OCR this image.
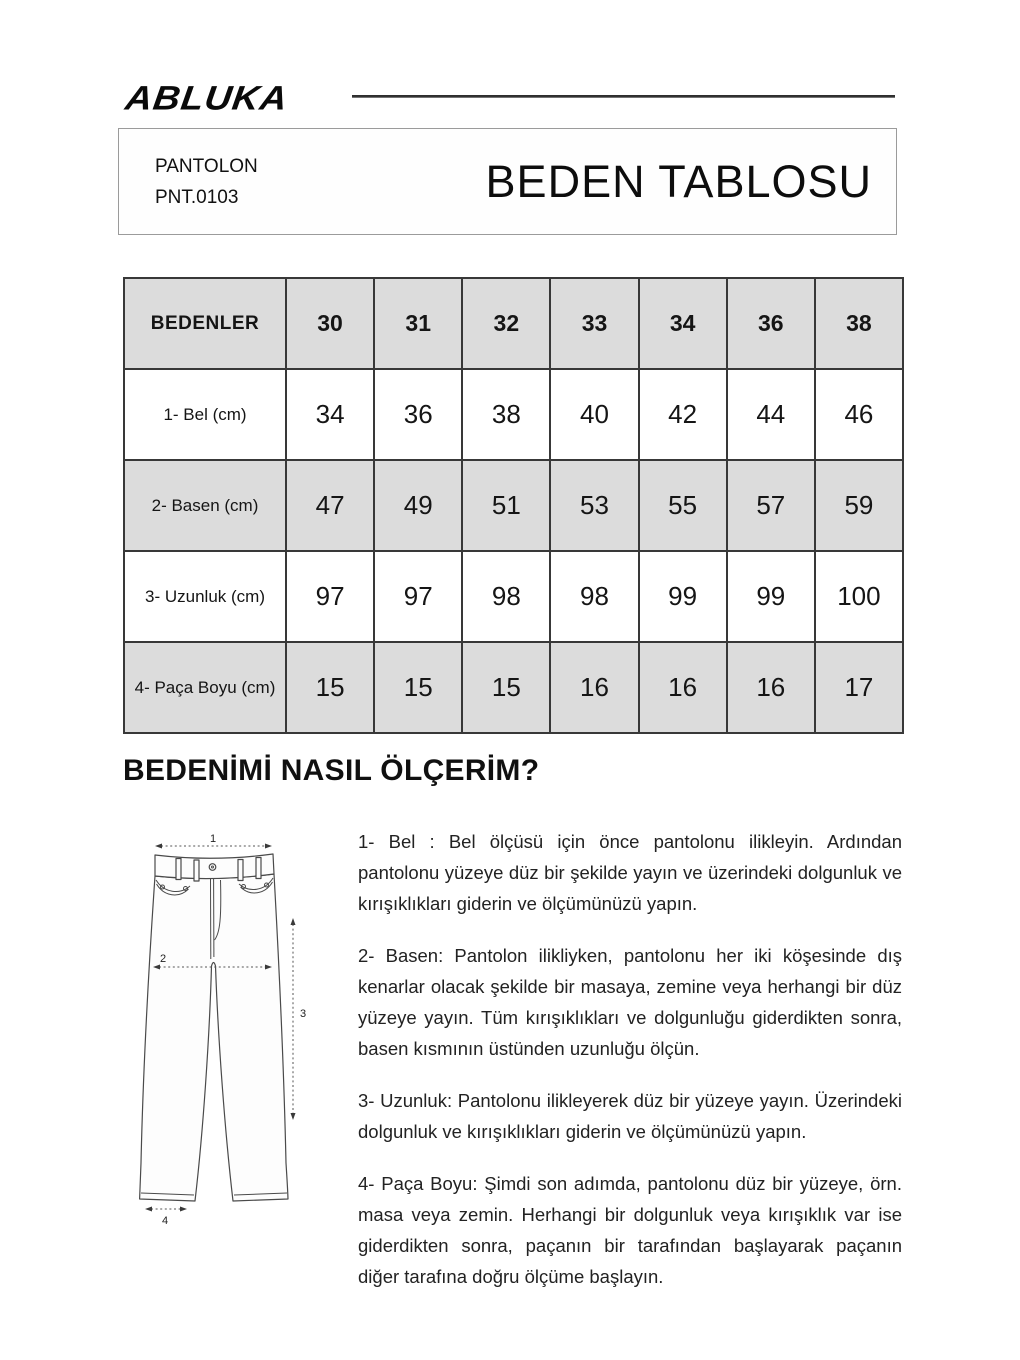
ABLUKA
PANTOLON
PNT.0103	BEDEN TABLOSU
BEDENLER	30	31	32	33	34	36	38
1- Bel (cm)	34	36	38	40	42	44	46
2- Basen (cm)	47	49	51	53	55	57	59
3- Uzunluk (cm)	97	97	98	98	99	99	100
4- Paça Boyu (cm)	15	15	15	16	16	16	17
BEDENİMİ NASIL ÖLÇERİM?
1
2
3
4

1- Bel : Bel ölçüsü için önce pantolonu ilikleyin. Ardından pantolonu yüzeye düz bir şekilde yayın ve üzerindeki dolgunluk ve kırışıklıkları giderin ve ölçümünüzü yapın.

2- Basen: Pantolon ilikliyken, pantolonu her iki köşesinde dış kenarlar olacak şekilde bir masaya, zemine veya herhangi bir düz yüzeye yayın. Tüm kırışıklıkları ve dolgunluğu giderdikten sonra, basen kısmının üstünden uzunluğu ölçün.

3- Uzunluk: Pantolonu ilikleyerek düz bir yüzeye yayın. Üzerindeki dolgunluk ve kırışıklıkları giderin ve ölçümünüzü yapın.

4- Paça Boyu: Şimdi son adımda, pantolonu düz bir yüzeye, örn. masa veya zemin. Herhangi bir dolgunluk veya kırışıklık var ise giderdikten sonra, paçanın bir tarafından başlayarak paçanın diğer tarafına doğru ölçüme başlayın.
